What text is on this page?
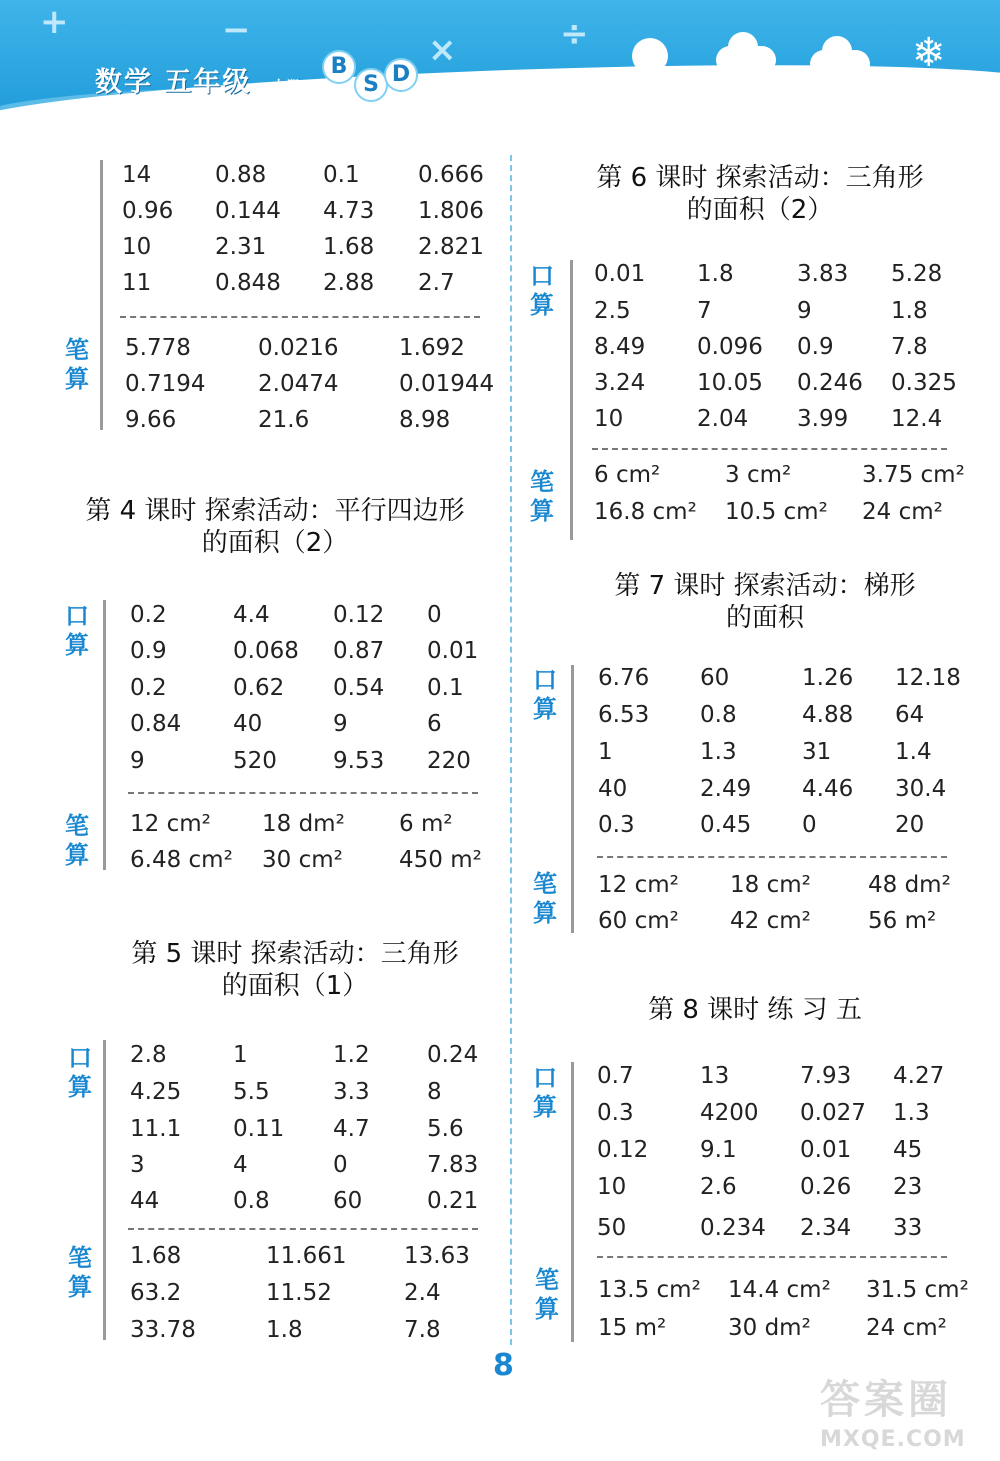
+	−	×	÷	❄
数学 五年级 上册
B
S D
14	0.88 0.1	0.666
0.96 0.144 4.73 1.806
10	2.31 1.68 2.821
11	0.848 2.88 2.7
笔算
5.778	0.0216	1.692
0.7194 2.0474	0.01944
9.66	21.6	8.98
第 4 课时 探索活动：平行四边形
的面积（2）
口算
0.2	4.4	0.12 0
0.9	0.068 0.87 0.01
0.2	0.62 0.54 0.1
0.84 40	9	6
9	520 9.53 220
笔算
12 cm² 18 dm² 6 m²
6.48 cm² 30 cm² 450 m²
第 5 课时 探索活动：三角形
的面积（1）
口算
2.8	1	1.2 0.24
4.25 5.5	3.3 8
11.1 0.11 4.7 5.6
3	4	0	7.83
44	0.8	60	0.21
笔算
1.68	11.661	13.63
63.2	11.52	2.4
33.78	1.8	7.8
第 6 课时 探索活动：三角形
的面积（2）
口算
0.01 1.8	3.83 5.28
2.5	7	9	1.8
8.49 0.096 0.9 7.8
3.24 10.05 0.246 0.325
10	2.04 3.99 12.4
笔算
6 cm²	3 cm²	3.75 cm²
16.8 cm² 10.5 cm² 24 cm²
第 7 课时 探索活动：梯形
的面积
口算
6.76 60	1.26 12.18
6.53 0.8	4.88 64
1	1.3	31	1.4
40	2.49 4.46 30.4
0.3	0.45 0	20
笔算
12 cm² 18 cm² 48 dm²
60 cm² 42 cm² 56 m²
第 8 课时 练 习 五
口算
0.7	13	7.93 4.27
0.3	4200 0.027 1.3
0.12 9.1	0.01 45
10	2.6	0.26 23
50	0.234 2.34 33
笔算
13.5 cm² 14.4 cm² 31.5 cm²
15 m²	30 dm² 24 cm²
8
答案圈
MXQE.COM
